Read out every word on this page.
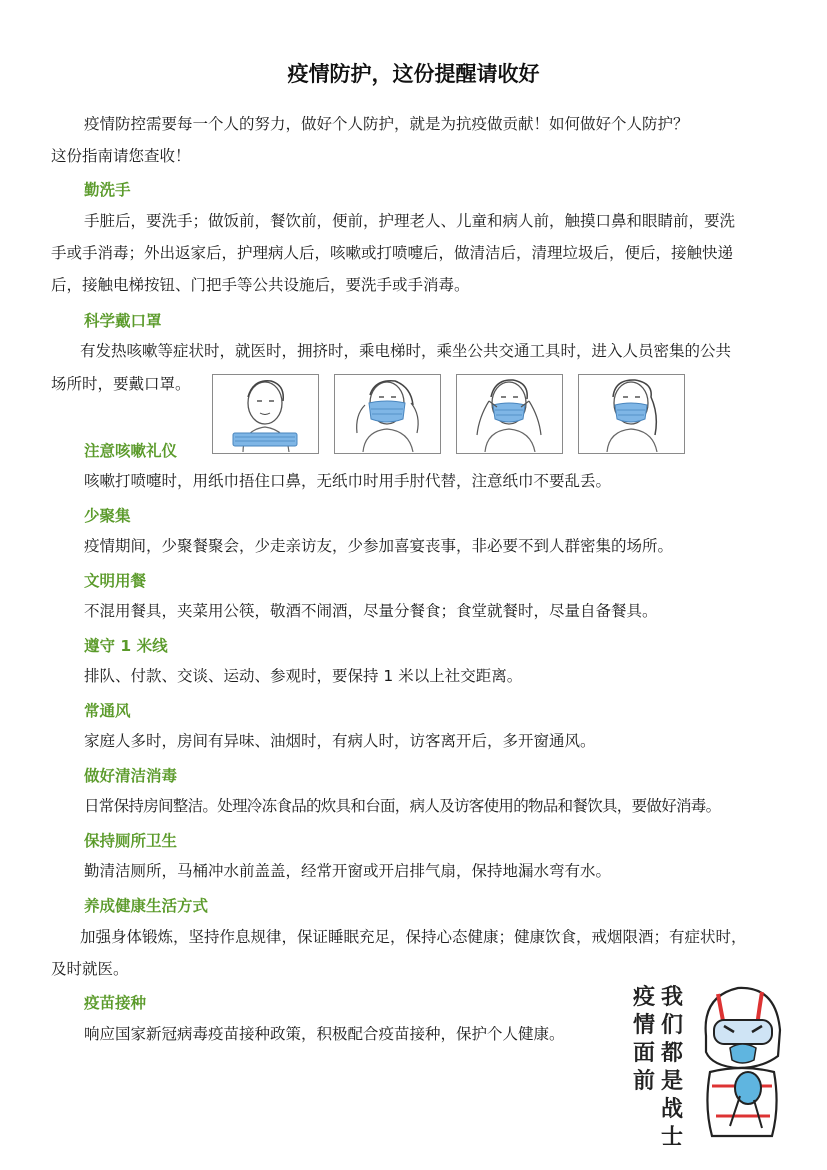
疫情防护，这份提醒请收好
疫情防控需要每一个人的努力，做好个人防护，就是为抗疫做贡献！如何做好个人防护？
这份指南请您查收！
勤洗手
手脏后，要洗手；做饭前，餐饮前，便前，护理老人、儿童和病人前，触摸口鼻和眼睛前，要洗
手或手消毒；外出返家后，护理病人后，咳嗽或打喷嚏后，做清洁后，清理垃圾后，便后，接触快递
后，接触电梯按钮、门把手等公共设施后，要洗手或手消毒。
科学戴口罩
有发热咳嗽等症状时，就医时，拥挤时，乘电梯时，乘坐公共交通工具时，进入人员密集的公共
场所时，要戴口罩。
注意咳嗽礼仪
咳嗽打喷嚏时，用纸巾捂住口鼻，无纸巾时用手肘代替，注意纸巾不要乱丢。
少聚集
疫情期间，少聚餐聚会，少走亲访友，少参加喜宴丧事，非必要不到人群密集的场所。
文明用餐
不混用餐具，夹菜用公筷，敬酒不闹酒，尽量分餐食；食堂就餐时，尽量自备餐具。
遵守 1 米线
排队、付款、交谈、运动、参观时，要保持 1 米以上社交距离。
常通风
家庭人多时，房间有异味、油烟时，有病人时，访客离开后，多开窗通风。
做好清洁消毒
日常保持房间整洁。处理冷冻食品的炊具和台面，病人及访客使用的物品和餐饮具，要做好消毒。
保持厕所卫生
勤清洁厕所，马桶冲水前盖盖，经常开窗或开启排气扇，保持地漏水弯有水。
养成健康生活方式
加强身体锻炼，坚持作息规律，保证睡眠充足，保持心态健康；健康饮食，戒烟限酒；有症状时，
及时就医。
疫苗接种
响应国家新冠病毒疫苗接种政策，积极配合疫苗接种，保护个人健康。
疫
情
面
前
我
们
都
是
战
士
